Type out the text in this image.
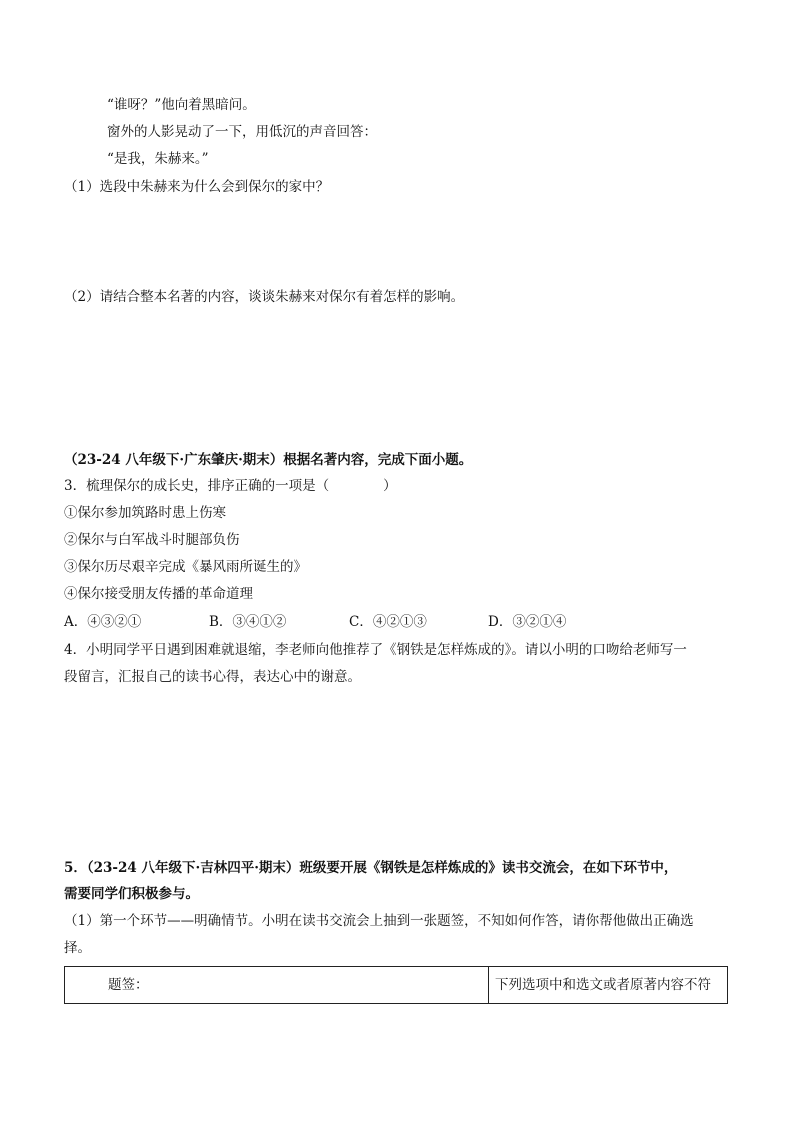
“谁呀？”他向着黑暗问。
窗外的人影晃动了一下，用低沉的声音回答：
“是我，朱赫来。”
（1）选段中朱赫来为什么会到保尔的家中？
（2）请结合整本名著的内容，谈谈朱赫来对保尔有着怎样的影响。
（23-24 八年级下·广东肇庆·期末）根据名著内容，完成下面小题。
3．梳理保尔的成长史，排序正确的一项是（　　　　）
①保尔参加筑路时患上伤寒
②保尔与白军战斗时腿部负伤
③保尔历尽艰辛完成《暴风雨所诞生的》
④保尔接受朋友传播的革命道理
A．④③②①	B．③④①②	C．④②①③	D．③②①④
4．小明同学平日遇到困难就退缩，李老师向他推荐了《钢铁是怎样炼成的》。请以小明的口吻给老师写一
段留言，汇报自己的读书心得，表达心中的谢意。
5．（23-24 八年级下·吉林四平·期末）班级要开展《钢铁是怎样炼成的》读书交流会，在如下环节中，
需要同学们积极参与。
（1）第一个环节——明确情节。小明在读书交流会上抽到一张题签，不知如何作答，请你帮他做出正确选
择。
题签：	下列选项中和选文或者原著内容不符
